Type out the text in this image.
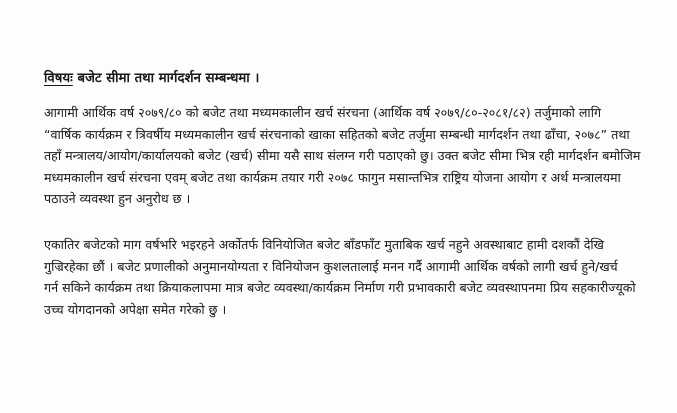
विषयः बजेट सीमा तथा मार्गदर्शन सम्बन्धमा ।
आगामी आर्थिक वर्ष २०७९/८० को बजेट तथा मध्यमकालीन खर्च संरचना (आर्थिक वर्ष २०७९/८०-२०८१/८२) तर्जुमाको लागि
“वार्षिक कार्यक्रम र त्रिवर्षीय मध्यमकालीन खर्च संरचनाको खाका सहितको बजेट तर्जुमा सम्बन्धी मार्गदर्शन तथा ढाँचा, २०७८” तथा
तहाँ मन्त्रालय/आयोग/कार्यालयको बजेट (खर्च) सीमा यसै साथ संलग्न गरी पठाएको छु। उक्त बजेट सीमा भित्र रही मार्गदर्शन बमोजिम
मध्यमकालीन खर्च संरचना एवम् बजेट तथा कार्यक्रम तयार गरी २०७८ फागुन मसान्तभित्र राष्ट्रिय योजना आयोग र अर्थ मन्त्रालयमा
पठाउने व्यवस्था हुन अनुरोध छ ।
एकातिर बजेटको माग वर्षभरि भइरहने अर्कोतर्फ विनियोजित बजेट बाँडफाँट मुताबिक खर्च नहुने अवस्थाबाट हामी दशकौं देखि
गुज्रिरहेका छौं । बजेट प्रणालीको अनुमानयोग्यता र विनियोजन कुशलतालाई मनन गर्दै आगामी आर्थिक वर्षको लागी खर्च हुने/खर्च
गर्न सकिने कार्यक्रम तथा क्रियाकलापमा मात्र बजेट व्यवस्था/कार्यक्रम निर्माण गरी प्रभावकारी बजेट व्यवस्थापनमा प्रिय सहकारीज्यूको
उच्च योगदानको अपेक्षा समेत गरेको छु ।
